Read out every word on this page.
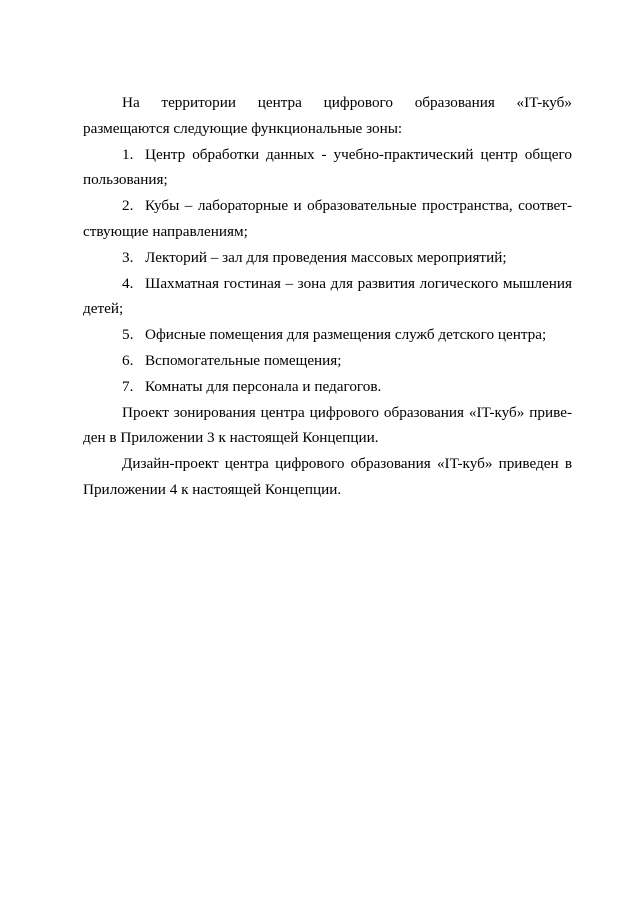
На территории центра цифрового образования «IT-куб» размещаются следующие функциональные зоны:

1. Центр обработки данных - учебно-практический центр общего пользования;

2. Кубы – лабораторные и образовательные пространства, соответствующие направлениям;

3. Лекторий – зал для проведения массовых мероприятий;

4. Шахматная гостиная – зона для развития логического мышления детей;

5. Офисные помещения для размещения служб детского центра;

6. Вспомогательные помещения;

7. Комнаты для персонала и педагогов.

Проект зонирования центра цифрового образования «IT-куб» приведен в Приложении 3 к настоящей Концепции.

Дизайн-проект центра цифрового образования «IT-куб» приведен в Приложении 4 к настоящей Концепции.
